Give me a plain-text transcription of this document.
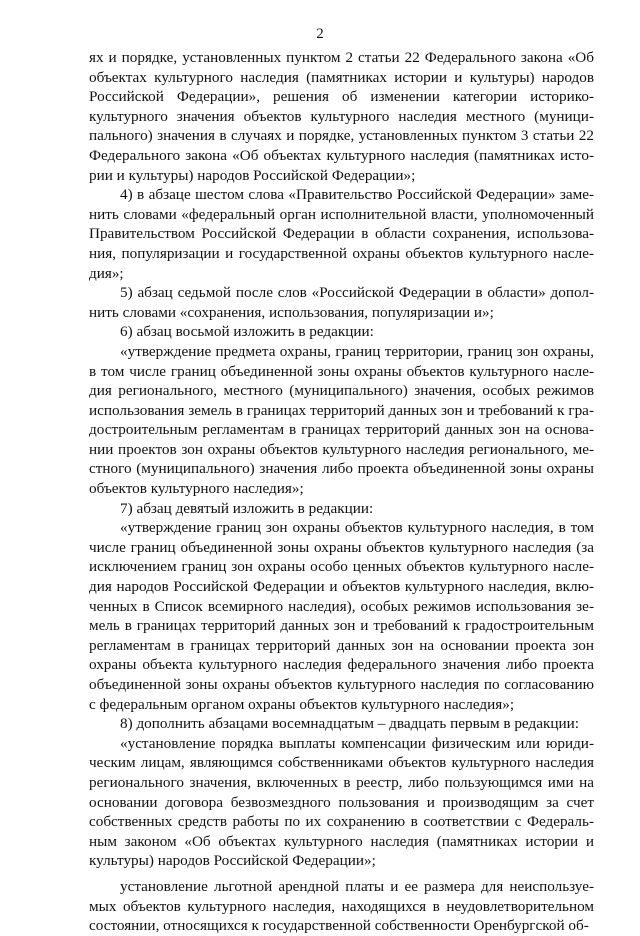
2

ях и порядке, установленных пунктом 2 статьи 22 Федерального закона «Об объектах культурного наследия (памятниках истории и культуры) народов Российской Федерации», решения об изменении категории историко-культурного значения объектов культурного наследия местного (муниципального) значения в случаях и порядке, установленных пунктом 3 статьи 22 Федерального закона «Об объектах культурного наследия (памятниках истории и культуры) народов Российской Федерации»;

4) в абзаце шестом слова «Правительство Российской Федерации» заменить словами «федеральный орган исполнительной власти, уполномоченный Правительством Российской Федерации в области сохранения, использования, популяризации и государственной охраны объектов культурного наследия»;

5) абзац седьмой после слов «Российской Федерации в области» дополнить словами «сохранения, использования, популяризации и»;

6) абзац восьмой изложить в редакции:

«утверждение предмета охраны, границ территории, границ зон охраны, в том числе границ объединенной зоны охраны объектов культурного наследия регионального, местного (муниципального) значения, особых режимов использования земель в границах территорий данных зон и требований к градостроительным регламентам в границах территорий данных зон на основании проектов зон охраны объектов культурного наследия регионального, местного (муниципального) значения либо проекта объединенной зоны охраны объектов культурного наследия»;

7) абзац девятый изложить в редакции:

«утверждение границ зон охраны объектов культурного наследия, в том числе границ объединенной зоны охраны объектов культурного наследия (за исключением границ зон охраны особо ценных объектов культурного наследия народов Российской Федерации и объектов культурного наследия, включенных в Список всемирного наследия), особых режимов использования земель в границах территорий данных зон и требований к градостроительным регламентам в границах территорий данных зон на основании проекта зон охраны объекта культурного наследия федерального значения либо проекта объединенной зоны охраны объектов культурного наследия по согласованию с федеральным органом охраны объектов культурного наследия»;

8) дополнить абзацами восемнадцатым – двадцать первым в редакции:

«установление порядка выплаты компенсации физическим или юридическим лицам, являющимся собственниками объектов культурного наследия регионального значения, включенных в реестр, либо пользующимся ими на основании договора безвозмездного пользования и производящим за счет собственных средств работы по их сохранению в соответствии с Федеральным законом «Об объектах культурного наследия (памятниках истории и культуры) народов Российской Федерации»;

установление льготной арендной платы и ее размера для неиспользуемых объектов культурного наследия, находящихся в неудовлетворительном состоянии, относящихся к государственной собственности Оренбургской об-
